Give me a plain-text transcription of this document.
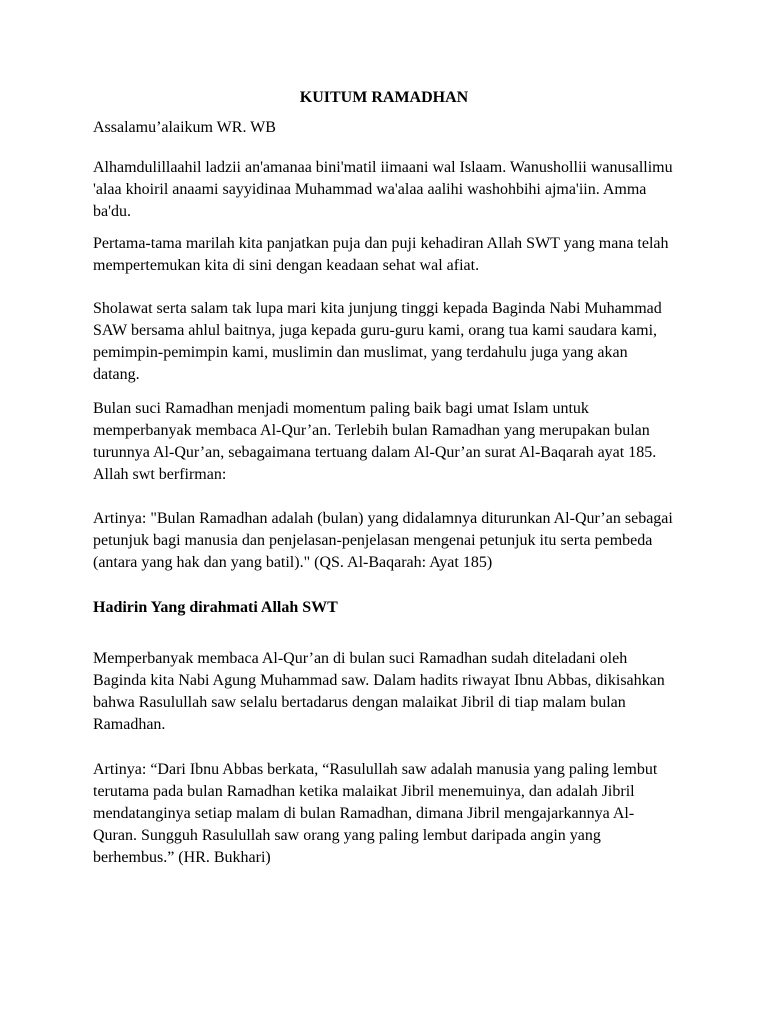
KUITUM RAMADHAN

Assalamu’alaikum WR. WB

Alhamdulillaahil ladzii an'amanaa bini'matil iimaani wal Islaam. Wanushollii wanusallimu 'alaa khoiril anaami sayyidinaa Muhammad wa'alaa aalihi washohbihi ajma'iin. Amma ba'du.

Pertama-tama marilah kita panjatkan puja dan puji kehadiran Allah SWT yang mana telah mempertemukan kita di sini dengan keadaan sehat wal afiat.

Sholawat serta salam tak lupa mari kita junjung tinggi kepada Baginda Nabi Muhammad SAW bersama ahlul baitnya, juga kepada guru-guru kami, orang tua kami saudara kami, pemimpin-pemimpin kami, muslimin dan muslimat, yang terdahulu juga yang akan datang.

Bulan suci Ramadhan menjadi momentum paling baik bagi umat Islam untuk memperbanyak membaca Al-Qur’an. Terlebih bulan Ramadhan yang merupakan bulan turunnya Al-Qur’an, sebagaimana tertuang dalam Al-Qur’an surat Al-Baqarah ayat 185. Allah swt berfirman:

Artinya: "Bulan Ramadhan adalah (bulan) yang didalamnya diturunkan Al-Qur’an sebagai petunjuk bagi manusia dan penjelasan-penjelasan mengenai petunjuk itu serta pembeda (antara yang hak dan yang batil)." (QS. Al-Baqarah: Ayat 185)

Hadirin Yang dirahmati Allah SWT

Memperbanyak membaca Al-Qur’an di bulan suci Ramadhan sudah diteladani oleh Baginda kita Nabi Agung Muhammad saw. Dalam hadits riwayat Ibnu Abbas, dikisahkan bahwa Rasulullah saw selalu bertadarus dengan malaikat Jibril di tiap malam bulan Ramadhan.

Artinya: “Dari Ibnu Abbas berkata, “Rasulullah saw adalah manusia yang paling lembut terutama pada bulan Ramadhan ketika malaikat Jibril menemuinya, dan adalah Jibril mendatanginya setiap malam di bulan Ramadhan, dimana Jibril mengajarkannya Al-Quran. Sungguh Rasulullah saw orang yang paling lembut daripada angin yang berhembus.” (HR. Bukhari)
